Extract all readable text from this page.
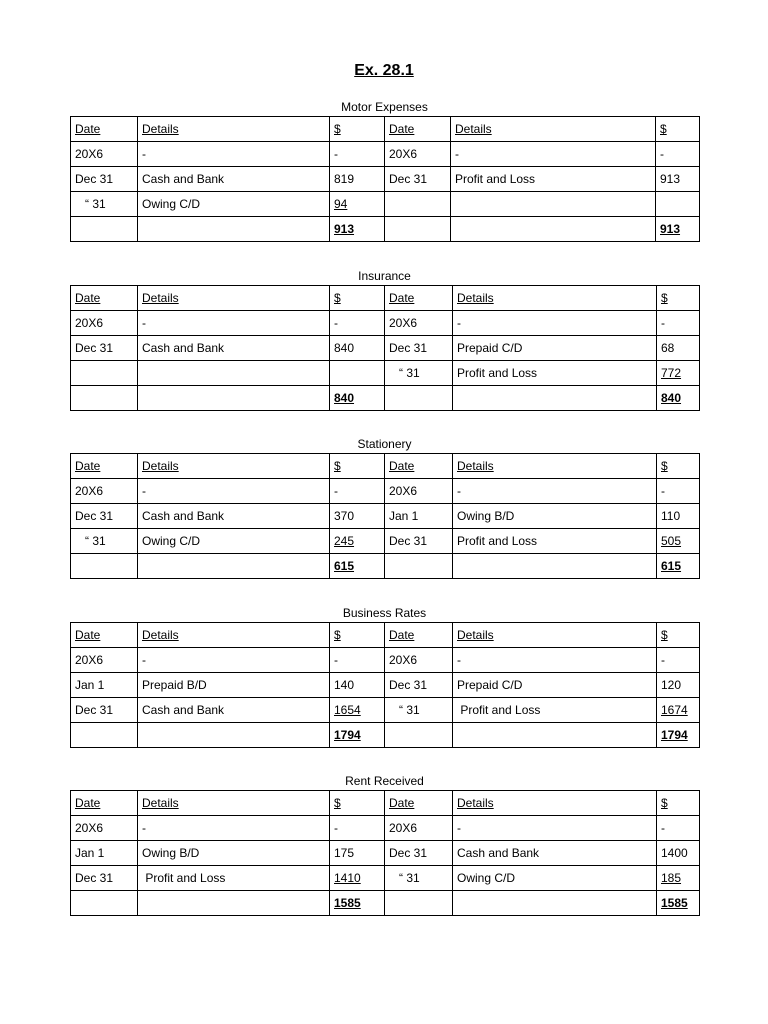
Ex. 28.1
Motor Expenses
Date	Details	$	Date	Details	$
20X6	-	-	20X6	-	-
Dec 31	Cash and Bank	819	Dec 31	Profit and Loss	913
“ 31	Owing C/D	94			
		913			913
Insurance
Date	Details	$	Date	Details	$
20X6	-	-	20X6	-	-
Dec 31	Cash and Bank	840	Dec 31	Prepaid C/D	68
			“ 31	Profit and Loss	772
		840			840
Stationery
Date	Details	$	Date	Details	$
20X6	-	-	20X6	-	-
Dec 31	Cash and Bank	370	Jan 1	Owing B/D	110
“ 31	Owing C/D	245	Dec 31	Profit and Loss	505
		615			615
Business Rates
Date	Details	$	Date	Details	$
20X6	-	-	20X6	-	-
Jan 1	Prepaid B/D	140	Dec 31	Prepaid C/D	120
Dec 31	Cash and Bank	1654	“ 31	Profit and Loss	1674
		1794			1794
Rent Received
Date	Details	$	Date	Details	$
20X6	-	-	20X6	-	-
Jan 1	Owing B/D	175	Dec 31	Cash and Bank	1400
Dec 31	Profit and Loss	1410	“ 31	Owing C/D	185
		1585			1585
